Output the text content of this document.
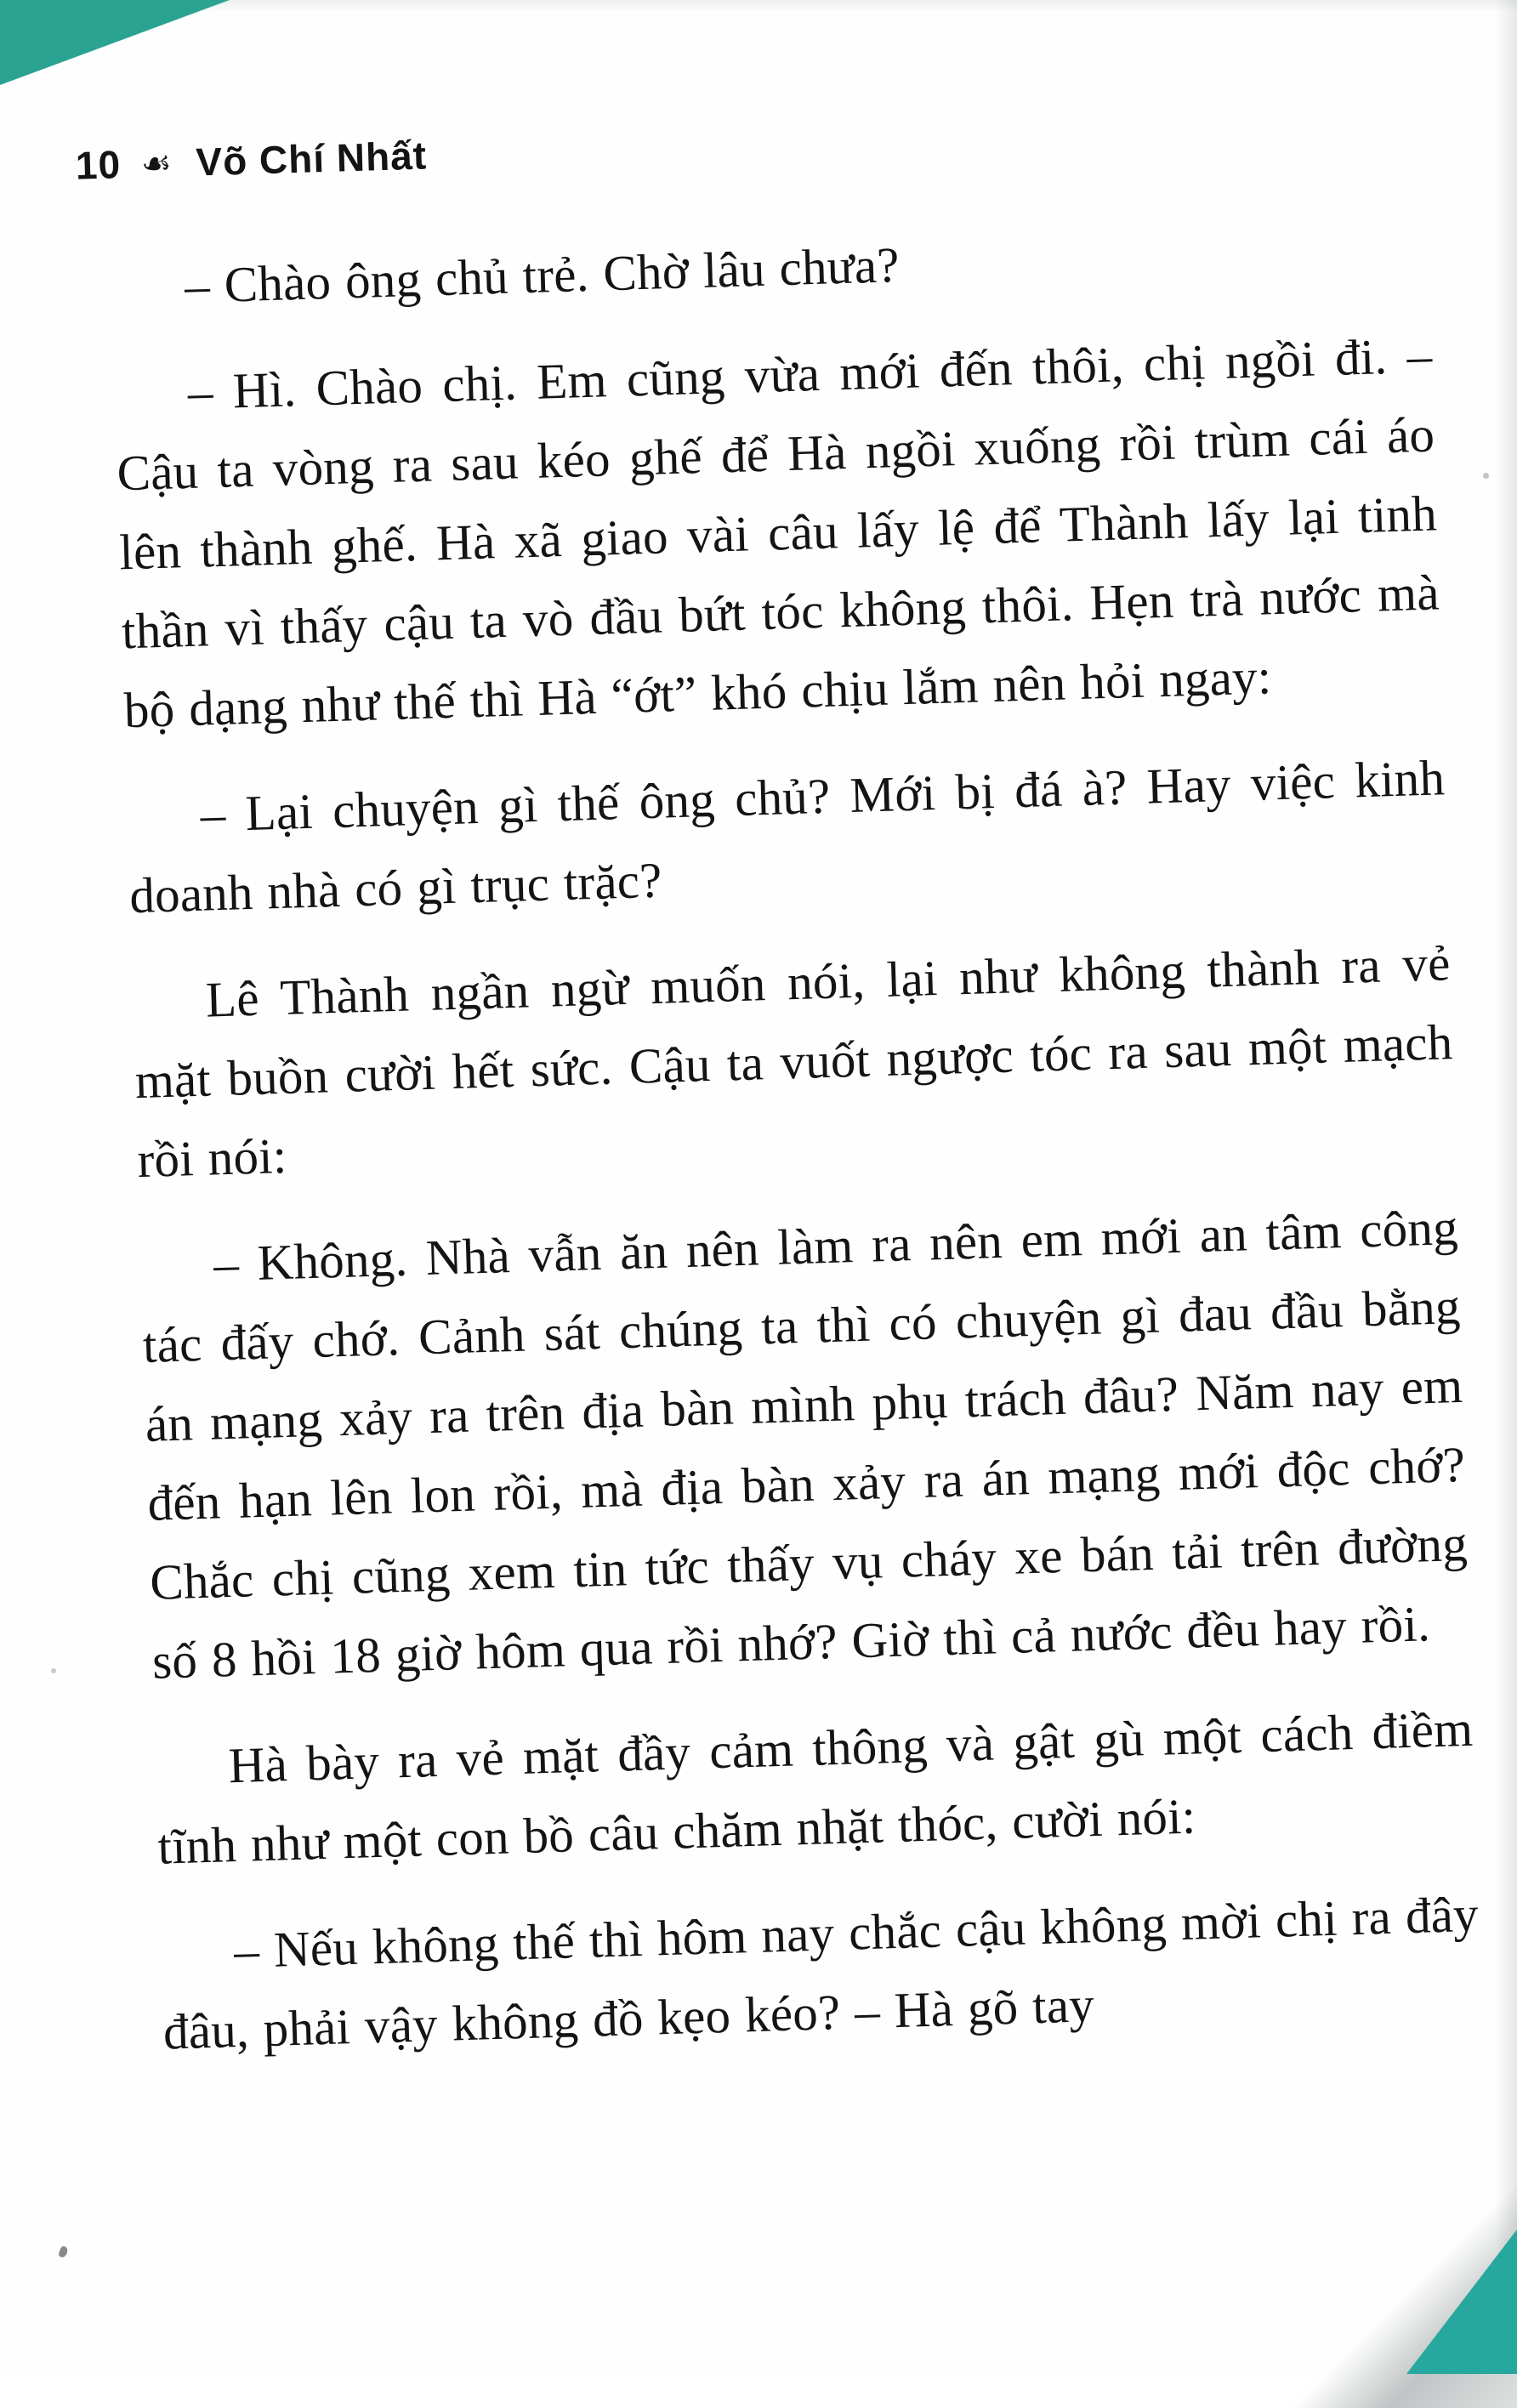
10 ☙ Võ Chí Nhất

– Chào ông chủ trẻ. Chờ lâu chưa?

– Hì. Chào chị. Em cũng vừa mới đến thôi, chị ngồi đi. – Cậu ta vòng ra sau kéo ghế để Hà ngồi xuống rồi trùm cái áo lên thành ghế. Hà xã giao vài câu lấy lệ để Thành lấy lại tinh thần vì thấy cậu ta vò đầu bứt tóc không thôi. Hẹn trà nước mà bộ dạng như thế thì Hà “ớt” khó chịu lắm nên hỏi ngay:

– Lại chuyện gì thế ông chủ? Mới bị đá à? Hay việc kinh doanh nhà có gì trục trặc?

Lê Thành ngần ngừ muốn nói, lại như không thành ra vẻ mặt buồn cười hết sức. Cậu ta vuốt ngược tóc ra sau một mạch rồi nói:

– Không. Nhà vẫn ăn nên làm ra nên em mới an tâm công tác đấy chớ. Cảnh sát chúng ta thì có chuyện gì đau đầu bằng án mạng xảy ra trên địa bàn mình phụ trách đâu? Năm nay em đến hạn lên lon rồi, mà địa bàn xảy ra án mạng mới độc chớ? Chắc chị cũng xem tin tức thấy vụ cháy xe bán tải trên đường số 8 hồi 18 giờ hôm qua rồi nhớ? Giờ thì cả nước đều hay rồi.

Hà bày ra vẻ mặt đầy cảm thông và gật gù một cách điềm tĩnh như một con bồ câu chăm nhặt thóc, cười nói:

– Nếu không thế thì hôm nay chắc cậu không mời chị ra đây đâu, phải vậy không đồ kẹo kéo? – Hà gõ tay
